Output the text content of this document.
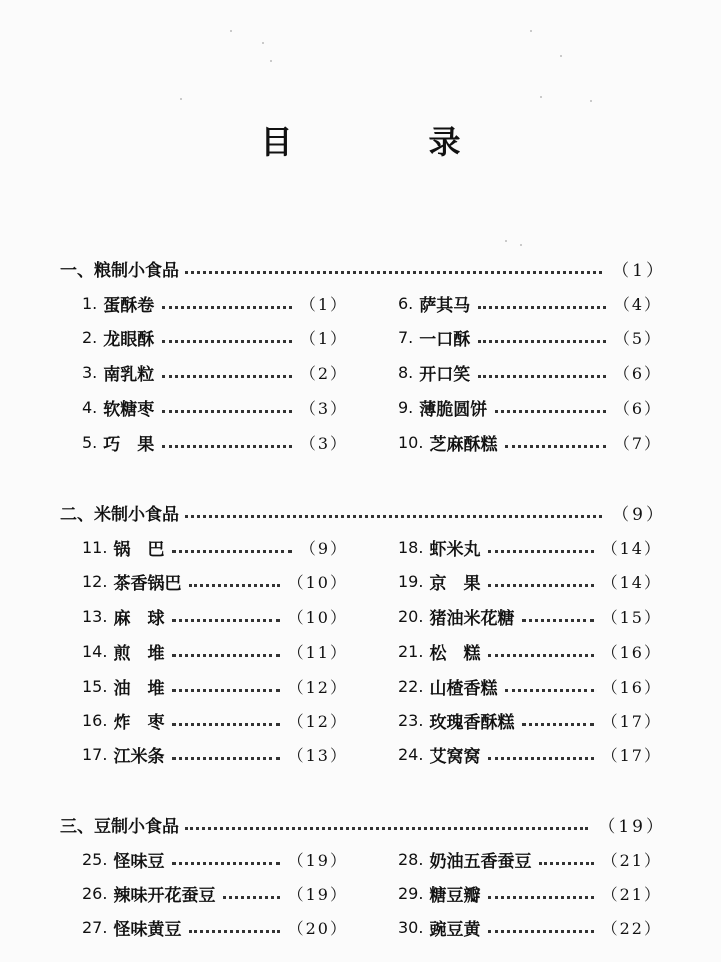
目　录
一、粮制小食品	（1）
1. 蛋酥卷	（1）
2. 龙眼酥	（1）
3. 南乳粒	（2）
4. 软糖枣	（3）
5. 巧　果	（3）
6. 萨其马	（4）
7. 一口酥	（5）
8. 开口笑	（6）
9. 薄脆圆饼	（6）
10. 芝麻酥糕	（7）
二、米制小食品	（9）
11. 锅　巴	（9）
12. 茶香锅巴	（10）
13. 麻　球	（10）
14. 煎　堆	（11）
15. 油　堆	（12）
16. 炸　枣	（12）
17. 江米条	（13）
18. 虾米丸	（14）
19. 京　果	（14）
20. 猪油米花糖	（15）
21. 松　糕	（16）
22. 山楂香糕	（16）
23. 玫瑰香酥糕	（17）
24. 艾窝窝	（17）
三、豆制小食品	（19）
25. 怪味豆	（19）
26. 辣味开花蚕豆	（19）
27. 怪味黄豆	（20）
28. 奶油五香蚕豆	（21）
29. 糖豆瓣	（21）
30. 豌豆黄	（22）
